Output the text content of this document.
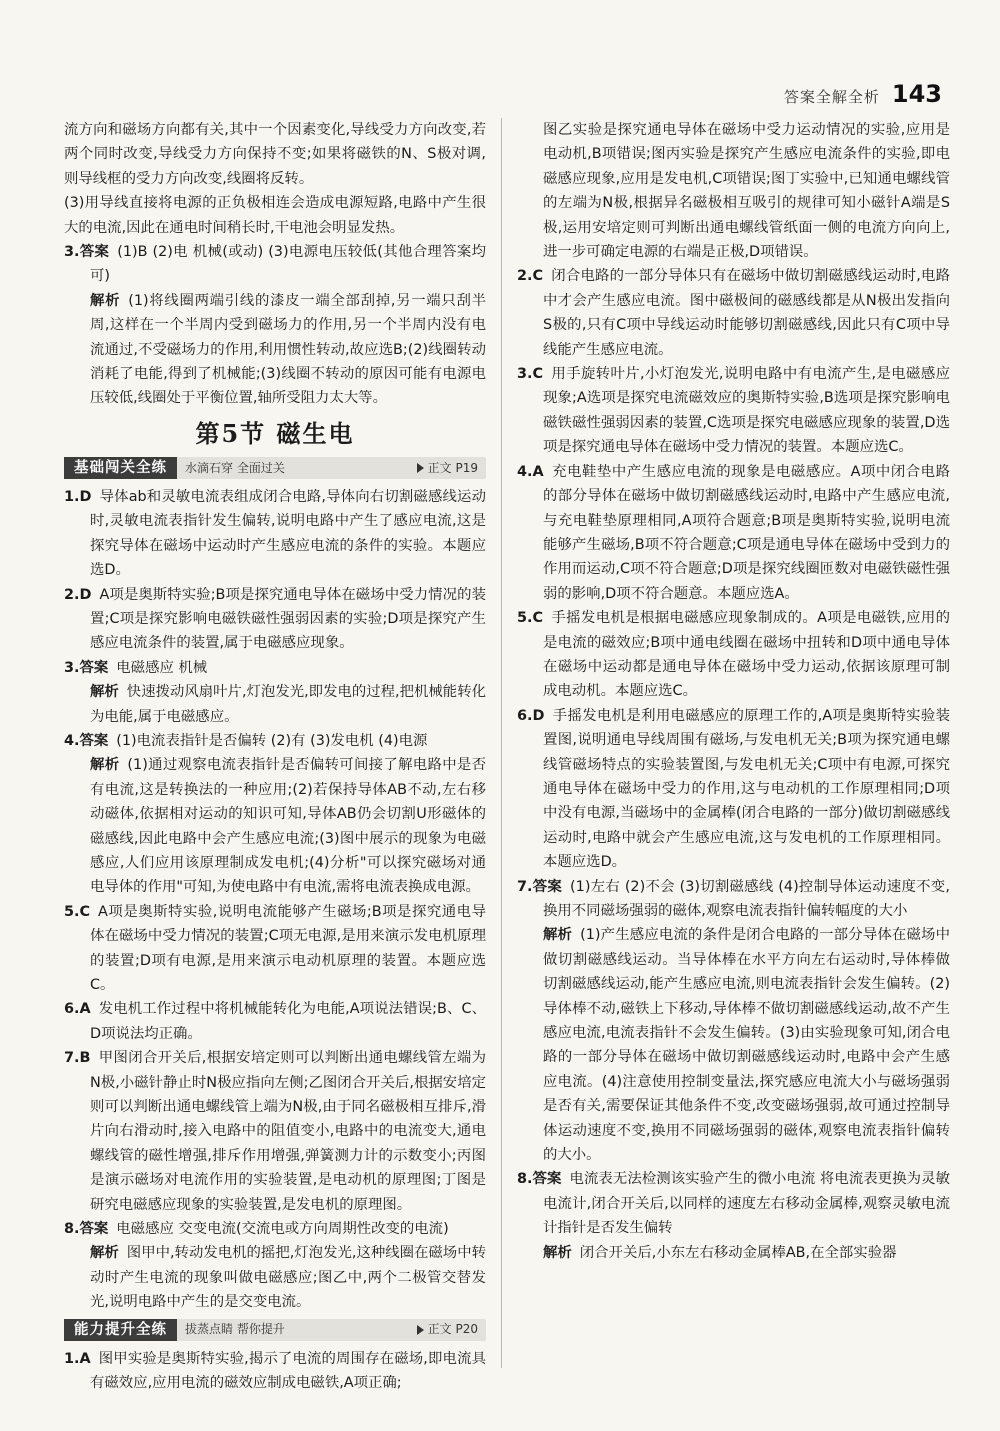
答案全解全析 143

流方向和磁场方向都有关,其中一个因素变化,导线受力方向改变,若两个同时改变,导线受力方向保持不变;如果将磁铁的N、S极对调,则导线框的受力方向改变,线圈将反转。

(3)用导线直接将电源的正负极相连会造成电源短路,电路中产生很大的电流,因此在通电时间稍长时,干电池会明显发热。

3.答案 (1)B (2)电 机械(或动) (3)电源电压较低(其他合理答案均可)

解析 (1)将线圈两端引线的漆皮一端全部刮掉,另一端只刮半周,这样在一个半周内受到磁场力的作用,另一个半周内没有电流通过,不受磁场力的作用,利用惯性转动,故应选B;(2)线圈转动消耗了电能,得到了机械能;(3)线圈不转动的原因可能有电源电压较低,线圈处于平衡位置,轴所受阻力太大等。

第5节 磁生电
基础闯关全练	水滴石穿 全面过关	正文 P19

1.D 导体ab和灵敏电流表组成闭合电路,导体向右切割磁感线运动时,灵敏电流表指针发生偏转,说明电路中产生了感应电流,这是探究导体在磁场中运动时产生感应电流的条件的实验。本题应选D。

2.D A项是奥斯特实验;B项是探究通电导体在磁场中受力情况的装置;C项是探究影响电磁铁磁性强弱因素的实验;D项是探究产生感应电流条件的装置,属于电磁感应现象。

3.答案 电磁感应 机械

解析 快速拨动风扇叶片,灯泡发光,即发电的过程,把机械能转化为电能,属于电磁感应。

4.答案 (1)电流表指针是否偏转 (2)有 (3)发电机 (4)电源

解析 (1)通过观察电流表指针是否偏转可间接了解电路中是否有电流,这是转换法的一种应用;(2)若保持导体AB不动,左右移动磁体,依据相对运动的知识可知,导体AB仍会切割U形磁体的磁感线,因此电路中会产生感应电流;(3)图中展示的现象为电磁感应,人们应用该原理制成发电机;(4)分析"可以探究磁场对通电导体的作用"可知,为使电路中有电流,需将电流表换成电源。

5.C A项是奥斯特实验,说明电流能够产生磁场;B项是探究通电导体在磁场中受力情况的装置;C项无电源,是用来演示发电机原理的装置;D项有电源,是用来演示电动机原理的装置。本题应选C。

6.A 发电机工作过程中将机械能转化为电能,A项说法错误;B、C、D项说法均正确。

7.B 甲图闭合开关后,根据安培定则可以判断出通电螺线管左端为N极,小磁针静止时N极应指向左侧;乙图闭合开关后,根据安培定则可以判断出通电螺线管上端为N极,由于同名磁极相互排斥,滑片向右滑动时,接入电路中的阻值变小,电路中的电流变大,通电螺线管的磁性增强,排斥作用增强,弹簧测力计的示数变小;丙图是演示磁场对电流作用的实验装置,是电动机的原理图;丁图是研究电磁感应现象的实验装置,是发电机的原理图。

8.答案 电磁感应 交变电流(交流电或方向周期性改变的电流)

解析 图甲中,转动发电机的摇把,灯泡发光,这种线圈在磁场中转动时产生电流的现象叫做电磁感应;图乙中,两个二极管交替发光,说明电路中产生的是交变电流。

能力提升全练	拔蒸点睛 帮你提升	正文 P20

1.A 图甲实验是奥斯特实验,揭示了电流的周围存在磁场,即电流具有磁效应,应用电流的磁效应制成电磁铁,A项正确;

图乙实验是探究通电导体在磁场中受力运动情况的实验,应用是电动机,B项错误;图丙实验是探究产生感应电流条件的实验,即电磁感应现象,应用是发电机,C项错误;图丁实验中,已知通电螺线管的左端为N极,根据异名磁极相互吸引的规律可知小磁针A端是S极,运用安培定则可判断出通电螺线管纸面一侧的电流方向向上,进一步可确定电源的右端是正极,D项错误。

2.C 闭合电路的一部分导体只有在磁场中做切割磁感线运动时,电路中才会产生感应电流。图中磁极间的磁感线都是从N极出发指向S极的,只有C项中导线运动时能够切割磁感线,因此只有C项中导线能产生感应电流。

3.C 用手旋转叶片,小灯泡发光,说明电路中有电流产生,是电磁感应现象;A选项是探究电流磁效应的奥斯特实验,B选项是探究影响电磁铁磁性强弱因素的装置,C选项是探究电磁感应现象的装置,D选项是探究通电导体在磁场中受力情况的装置。本题应选C。

4.A 充电鞋垫中产生感应电流的现象是电磁感应。A项中闭合电路的部分导体在磁场中做切割磁感线运动时,电路中产生感应电流,与充电鞋垫原理相同,A项符合题意;B项是奥斯特实验,说明电流能够产生磁场,B项不符合题意;C项是通电导体在磁场中受到力的作用而运动,C项不符合题意;D项是探究线圈匝数对电磁铁磁性强弱的影响,D项不符合题意。本题应选A。

5.C 手摇发电机是根据电磁感应现象制成的。A项是电磁铁,应用的是电流的磁效应;B项中通电线圈在磁场中扭转和D项中通电导体在磁场中运动都是通电导体在磁场中受力运动,依据该原理可制成电动机。本题应选C。

6.D 手摇发电机是利用电磁感应的原理工作的,A项是奥斯特实验装置图,说明通电导线周围有磁场,与发电机无关;B项为探究通电螺线管磁场特点的实验装置图,与发电机无关;C项中有电源,可探究通电导体在磁场中受力的作用,这与电动机的工作原理相同;D项中没有电源,当磁场中的金属棒(闭合电路的一部分)做切割磁感线运动时,电路中就会产生感应电流,这与发电机的工作原理相同。本题应选D。

7.答案 (1)左右 (2)不会 (3)切割磁感线 (4)控制导体运动速度不变,换用不同磁场强弱的磁体,观察电流表指针偏转幅度的大小

解析 (1)产生感应电流的条件是闭合电路的一部分导体在磁场中做切割磁感线运动。当导体棒在水平方向左右运动时,导体棒做切割磁感线运动,能产生感应电流,则电流表指针会发生偏转。(2)导体棒不动,磁铁上下移动,导体棒不做切割磁感线运动,故不产生感应电流,电流表指针不会发生偏转。(3)由实验现象可知,闭合电路的一部分导体在磁场中做切割磁感线运动时,电路中会产生感应电流。(4)注意使用控制变量法,探究感应电流大小与磁场强弱是否有关,需要保证其他条件不变,改变磁场强弱,故可通过控制导体运动速度不变,换用不同磁场强弱的磁体,观察电流表指针偏转的大小。

8.答案 电流表无法检测该实验产生的微小电流 将电流表更换为灵敏电流计,闭合开关后,以同样的速度左右移动金属棒,观察灵敏电流计指针是否发生偏转

解析 闭合开关后,小东左右移动金属棒AB,在全部实验器
